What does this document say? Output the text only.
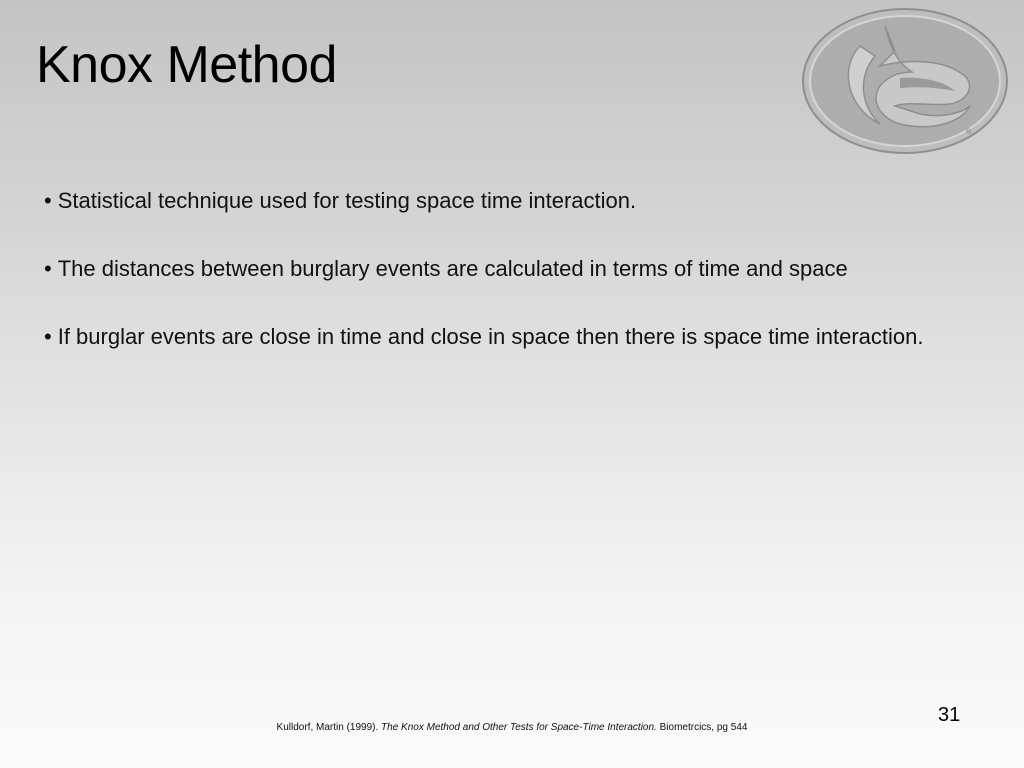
Knox Method
®
• Statistical technique used for testing space time interaction.
• The distances between burglary events are calculated in terms of time and space
• If burglar events are close in time and close in space then there is space time interaction.
31
Kulldorf, Martin (1999). The Knox Method and Other Tests for Space-Time Interaction. Biometrcics, pg 544
